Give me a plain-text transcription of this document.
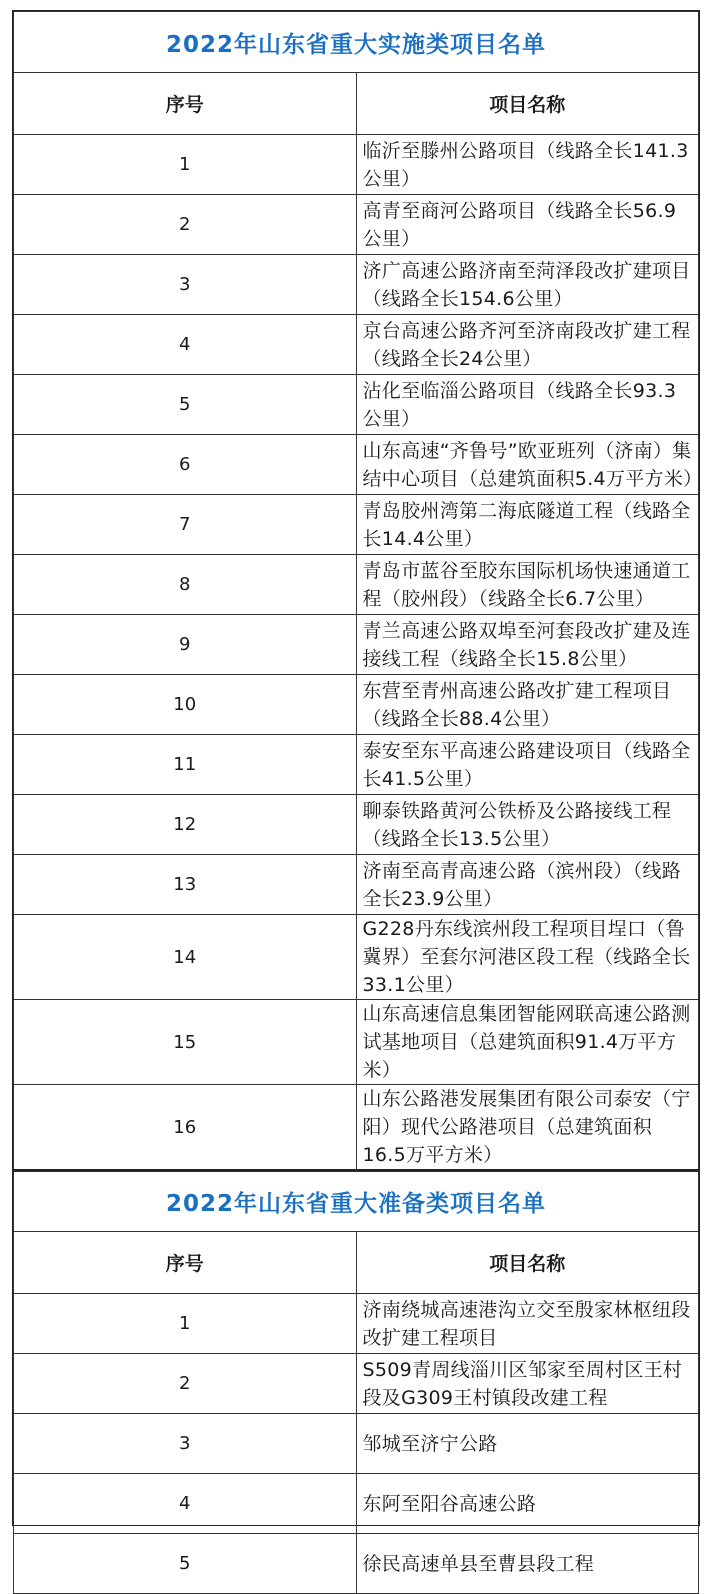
2022年山东省重大实施类项目名单	
序号	项目名称
1	临沂至滕州公路项目（线路全长141.3公里）
2	高青至商河公路项目（线路全长56.9公里）
3	济广高速公路济南至菏泽段改扩建项目（线路全长154.6公里）
4	京台高速公路齐河至济南段改扩建工程（线路全长24公里）
5	沾化至临淄公路项目（线路全长93.3公里）
6	山东高速“齐鲁号”欧亚班列（济南）集结中心项目（总建筑面积5.4万平方米）
7	青岛胶州湾第二海底隧道工程（线路全长14.4公里）
8	青岛市蓝谷至胶东国际机场快速通道工程（胶州段）（线路全长6.7公里）
9	青兰高速公路双埠至河套段改扩建及连接线工程（线路全长15.8公里）
10	东营至青州高速公路改扩建工程项目（线路全长88.4公里）
11	泰安至东平高速公路建设项目（线路全长41.5公里）
12	聊泰铁路黄河公铁桥及公路接线工程（线路全长13.5公里）
13	济南至高青高速公路（滨州段）（线路全长23.9公里）
14	G228丹东线滨州段工程项目埕口（鲁冀界）至套尔河港区段工程（线路全长33.1公里）
15	山东高速信息集团智能网联高速公路测试基地项目（总建筑面积91.4万平方米）
16	山东公路港发展集团有限公司泰安（宁阳）现代公路港项目（总建筑面积16.5万平方米）
2022年山东省重大准备类项目名单	
序号	项目名称
1	济南绕城高速港沟立交至殷家林枢纽段改扩建工程项目
2	S509青周线淄川区邹家至周村区王村段及G309王村镇段改建工程
3	邹城至济宁公路
4	东阿至阳谷高速公路
5	徐民高速单县至曹县段工程
